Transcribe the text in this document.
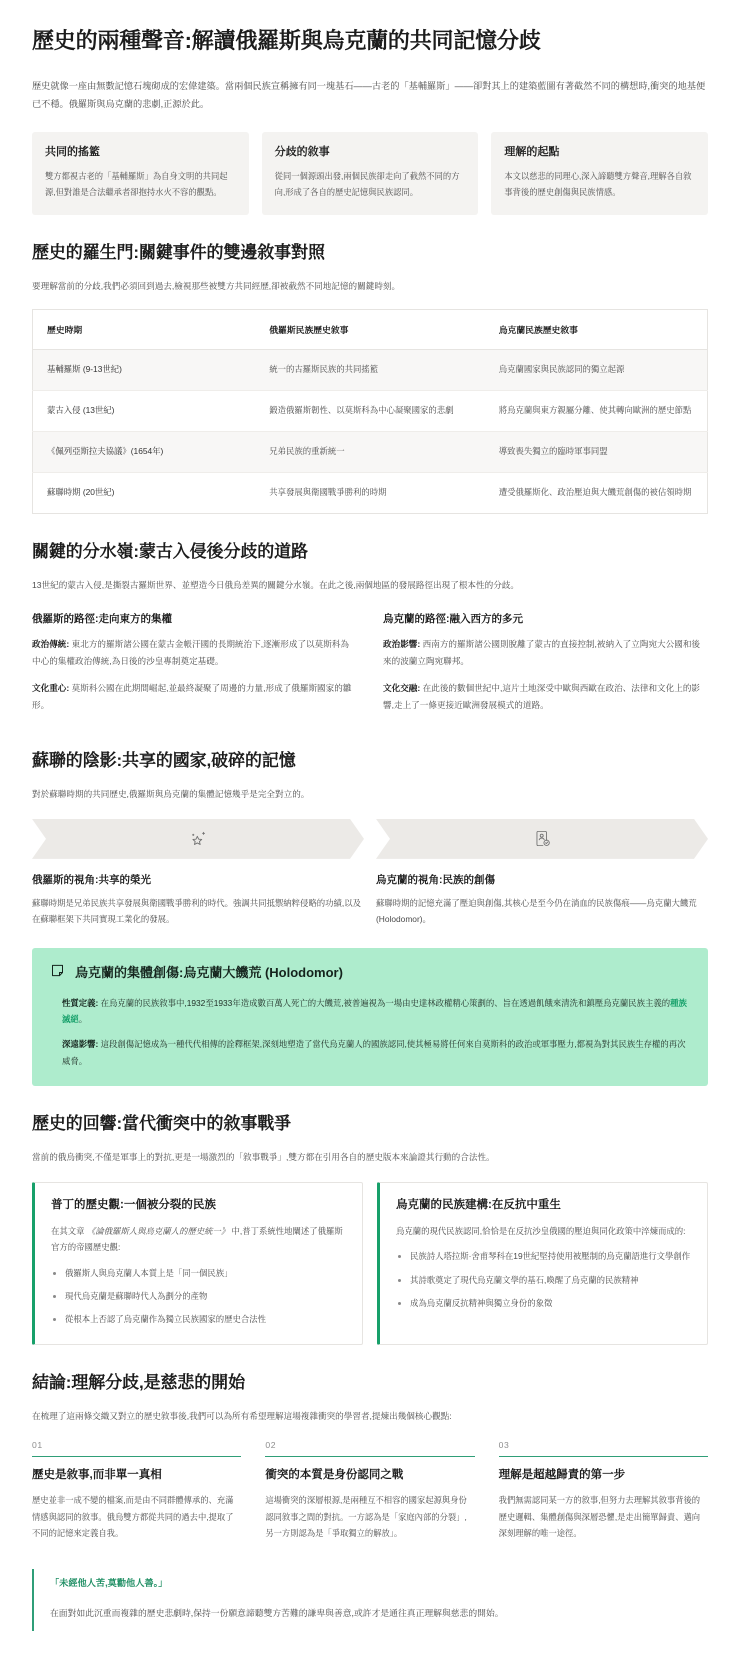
歷史的兩種聲音:解讀俄羅斯與烏克蘭的共同記憶分歧

歷史就像一座由無數記憶石塊砌成的宏偉建築。當兩個民族宣稱擁有同一塊基石——古老的「基輔羅斯」——卻對其上的建築藍圖有著截然不同的構想時,衝突的地基便已不穩。俄羅斯與烏克蘭的悲劇,正源於此。

共同的搖籃
雙方都視古老的「基輔羅斯」為自身文明的共同起源,但對誰是合法繼承者卻抱持水火不容的觀點。
分歧的敘事
從同一個源頭出發,兩個民族卻走向了截然不同的方向,形成了各自的歷史記憶與民族認同。
理解的起點
本文以慈悲的同理心,深入諦聽雙方聲音,理解各自敘事背後的歷史創傷與民族情感。
歷史的羅生門:關鍵事件的雙邊敘事對照

要理解當前的分歧,我們必須回到過去,檢視那些被雙方共同經歷,卻被截然不同地記憶的關鍵時刻。

歷史時期	俄羅斯民族歷史敘事	烏克蘭民族歷史敘事
基輔羅斯 (9-13世紀)	統一的古羅斯民族的共同搖籃	烏克蘭國家與民族認同的獨立起源
蒙古入侵 (13世紀)	鍛造俄羅斯韌性、以莫斯科為中心凝聚國家的悲劇	將烏克蘭與東方親屬分離、使其轉向歐洲的歷史節點
《佩列亞斯拉夫協議》(1654年)	兄弟民族的重新統一	導致喪失獨立的臨時軍事同盟
蘇聯時期 (20世紀)	共享發展與衛國戰爭勝利的時期	遭受俄羅斯化、政治壓迫與大饑荒創傷的被佔領時期
關鍵的分水嶺:蒙古入侵後分歧的道路

13世紀的蒙古入侵,是撕裂古羅斯世界、並塑造今日俄烏差異的關鍵分水嶺。在此之後,兩個地區的發展路徑出現了根本性的分歧。

俄羅斯的路徑:走向東方的集權

政治傳統: 東北方的羅斯諸公國在蒙古金帳汗國的長期統治下,逐漸形成了以莫斯科為中心的集權政治傳統,為日後的沙皇專制奠定基礎。

文化重心: 莫斯科公國在此期間崛起,並最終凝聚了周邊的力量,形成了俄羅斯國家的雛形。

烏克蘭的路徑:融入西方的多元

政治影響: 西南方的羅斯諸公國則脫離了蒙古的直接控制,被納入了立陶宛大公國和後來的波蘭立陶宛聯邦。

文化交融: 在此後的數個世紀中,這片土地深受中歐與西歐在政治、法律和文化上的影響,走上了一條更接近歐洲發展模式的道路。

蘇聯的陰影:共享的國家,破碎的記憶

對於蘇聯時期的共同歷史,俄羅斯與烏克蘭的集體記憶幾乎是完全對立的。

俄羅斯的視角:共享的榮光
蘇聯時期是兄弟民族共享發展與衛國戰爭勝利的時代。強調共同抵禦納粹侵略的功績,以及在蘇聯框架下共同實現工業化的發展。
烏克蘭的視角:民族的創傷
蘇聯時期的記憶充滿了壓迫與創傷,其核心是至今仍在淌血的民族傷痕——烏克蘭大饑荒(Holodomor)。
烏克蘭的集體創傷:烏克蘭大饑荒 (Holodomor)

性質定義: 在烏克蘭的民族敘事中,1932至1933年造成數百萬人死亡的大饑荒,被普遍視為一場由史達林政權精心策劃的、旨在透過飢餓來清洗和鎮壓烏克蘭民族主義的種族滅絕。

深遠影響: 這段創傷記憶成為一種代代相傳的詮釋框架,深刻地塑造了當代烏克蘭人的國族認同,使其極易將任何來自莫斯科的政治或軍事壓力,都視為對其民族生存權的再次威脅。

歷史的回響:當代衝突中的敘事戰爭

當前的俄烏衝突,不僅是軍事上的對抗,更是一場激烈的「敘事戰爭」,雙方都在引用各自的歷史版本來論證其行動的合法性。

普丁的歷史觀:一個被分裂的民族

在其文章 《論俄羅斯人與烏克蘭人的歷史統一》 中,普丁系統性地闡述了俄羅斯官方的帝國歷史觀:

俄羅斯人與烏克蘭人本質上是「同一個民族」
現代烏克蘭是蘇聯時代人為劃分的產物
從根本上否認了烏克蘭作為獨立民族國家的歷史合法性
烏克蘭的民族建構:在反抗中重生

烏克蘭的現代民族認同,恰恰是在反抗沙皇俄國的壓迫與同化政策中淬煉而成的:

民族詩人塔拉斯·舍甫琴科在19世紀堅持使用被壓制的烏克蘭語進行文學創作
其詩歌奠定了現代烏克蘭文學的基石,喚醒了烏克蘭的民族精神
成為烏克蘭反抗精神與獨立身份的象徵
結論:理解分歧,是慈悲的開始

在梳理了這兩條交織又對立的歷史敘事後,我們可以為所有希望理解這場複雜衝突的學習者,提煉出幾個核心觀點:

01
歷史是敘事,而非單一真相
歷史並非一成不變的檔案,而是由不同群體傳承的、充滿情感與認同的敘事。俄烏雙方都從共同的過去中,提取了不同的記憶來定義自我。
02
衝突的本質是身份認同之戰
這場衝突的深層根源,是兩種互不相容的國家起源與身份認同敘事之間的對抗。一方認為是「家庭內部的分裂」,另一方則認為是「爭取獨立的解放」。
03
理解是超越歸責的第一步
我們無需認同某一方的敘事,但努力去理解其敘事背後的歷史邏輯、集體創傷與深層恐懼,是走出簡單歸責、邁向深刻理解的唯一途徑。
「未經他人苦,莫勸他人善。」
在面對如此沉重而複雜的歷史悲劇時,保持一份願意諦聽雙方苦難的謙卑與善意,或許才是通往真正理解與慈悲的開始。
